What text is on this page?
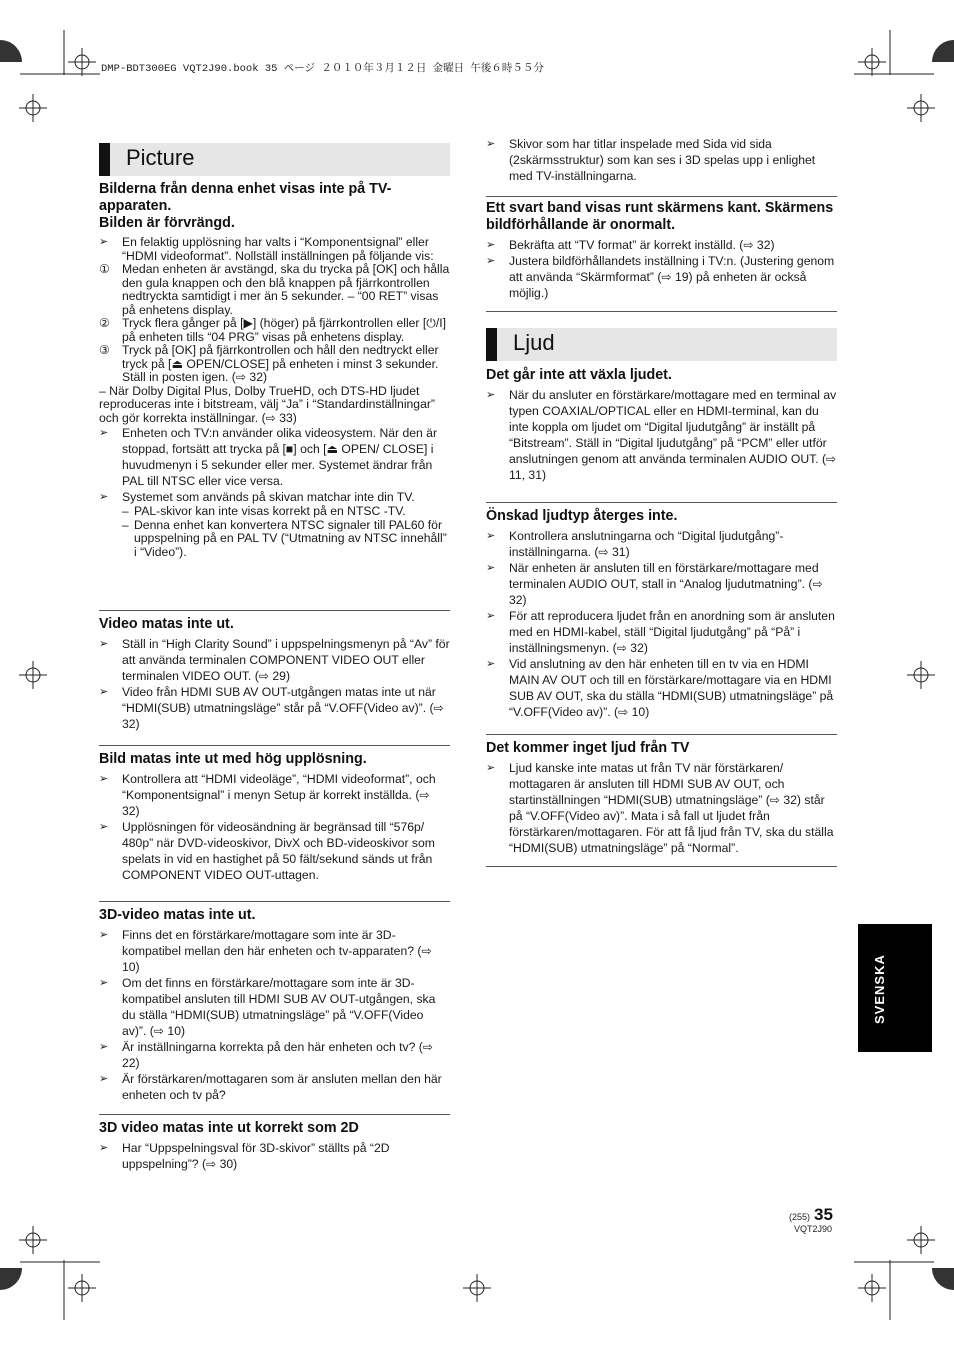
DMP-BDT300EG VQT2J90.book 35 ページ ２０１０年３月１２日 金曜日 午後６時５５分
Picture
Bilderna från denna enhet visas inte på TV-apparaten.
Bilden är förvrängd.
➢	En felaktig upplösning har valts i “Komponentsignal” eller “HDMI videoformat”. Nollställ inställningen på följande vis:
①	Medan enheten är avstängd, ska du trycka på [OK] och hålla den gula knappen och den blå knappen på fjärrkontrollen nedtryckta samtidigt i mer än 5 sekunder. – “00 RET” visas på enhetens display.
②	Tryck flera gånger på [▶] (höger) på fjärrkontrollen eller [⏻/I] på enheten tills “04 PRG” visas på enhetens display.
③	Tryck på [OK] på fjärrkontrollen och håll den nedtryckt eller tryck på [⏏ OPEN/CLOSE] på enheten i minst 3 sekunder. Ställ in posten igen. (⇨ 32)
– När Dolby Digital Plus, Dolby TrueHD, och DTS-HD ljudet reproduceras inte i bitstream, välj “Ja” i “Standardinställningar” och gör korrekta inställningar. (⇨ 33)
➢	Enheten och TV:n använder olika videosystem. När den är stoppad, fortsätt att trycka på [■] och [⏏ OPEN/ CLOSE] i huvudmenyn i 5 sekunder eller mer. Systemet ändrar från PAL till NTSC eller vice versa.
➢	Systemet som används på skivan matchar inte din TV.
– PAL-skivor kan inte visas korrekt på en NTSC -TV.
– Denna enhet kan konvertera NTSC signaler till PAL60 för uppspelning på en PAL TV (“Utmatning av NTSC innehåll” i “Video”).
Video matas inte ut.
➢	Ställ in “High Clarity Sound” i uppspelningsmenyn på “Av” för att använda terminalen COMPONENT VIDEO OUT eller terminalen VIDEO OUT. (⇨ 29)
➢	Video från HDMI SUB AV OUT-utgången matas inte ut när “HDMI(SUB) utmatningsläge” står på “V.OFF(Video av)”. (⇨ 32)
Bild matas inte ut med hög upplösning.
➢	Kontrollera att “HDMI videoläge”, “HDMI videoformat”, och “Komponentsignal” i menyn Setup är korrekt inställda. (⇨ 32)
➢	Upplösningen för videosändning är begränsad till “576p/ 480p” när DVD-videoskivor, DivX och BD-videoskivor som spelats in vid en hastighet på 50 fält/sekund sänds ut från COMPONENT VIDEO OUT-uttagen.
3D-video matas inte ut.
➢	Finns det en förstärkare/mottagare som inte är 3D-kompatibel mellan den här enheten och tv-apparaten? (⇨ 10)
➢	Om det finns en förstärkare/mottagare som inte är 3D-kompatibel ansluten till HDMI SUB AV OUT-utgången, ska du ställa “HDMI(SUB) utmatningsläge” på “V.OFF(Video av)”. (⇨ 10)
➢	Är inställningarna korrekta på den här enheten och tv? (⇨ 22)
➢	Är förstärkaren/mottagaren som är ansluten mellan den här enheten och tv på?
3D video matas inte ut korrekt som 2D
➢	Har “Uppspelningsval för 3D-skivor” ställts på “2D uppspelning”? (⇨ 30)
➢	Skivor som har titlar inspelade med Sida vid sida (2skärmsstruktur) som kan ses i 3D spelas upp i enlighet med TV-inställningarna.
Ett svart band visas runt skärmens kant. Skärmens bildförhållande är onormalt.
➢	Bekräfta att “TV format” är korrekt inställd. (⇨ 32)
➢	Justera bildförhållandets inställning i TV:n. (Justering genom att använda “Skärmformat” (⇨ 19) på enheten är också möjlig.)
Ljud
Det går inte att växla ljudet.
➢	När du ansluter en förstärkare/mottagare med en terminal av typen COAXIAL/OPTICAL eller en HDMI-terminal, kan du inte koppla om ljudet om “Digital ljudutgång” är inställt på “Bitstream”. Ställ in “Digital ljudutgång” på “PCM” eller utför anslutningen genom att använda terminalen AUDIO OUT. (⇨ 11, 31)
Önskad ljudtyp återges inte.
➢	Kontrollera anslutningarna och “Digital ljudutgång”-inställningarna. (⇨ 31)
➢	När enheten är ansluten till en förstärkare/mottagare med terminalen AUDIO OUT, stall in “Analog ljudutmatning”. (⇨ 32)
➢	För att reproducera ljudet från en anordning som är ansluten med en HDMI-kabel, ställ “Digital ljudutgång” på “På” i inställningsmenyn. (⇨ 32)
➢	Vid anslutning av den här enheten till en tv via en HDMI MAIN AV OUT och till en förstärkare/mottagare via en HDMI SUB AV OUT, ska du ställa “HDMI(SUB) utmatningsläge” på “V.OFF(Video av)”. (⇨ 10)
Det kommer inget ljud från TV
➢	Ljud kanske inte matas ut från TV när förstärkaren/ mottagaren är ansluten till HDMI SUB AV OUT, och startinställningen “HDMI(SUB) utmatningsläge” (⇨ 32) står på “V.OFF(Video av)”. Mata i så fall ut ljudet från förstärkaren/mottagaren. För att få ljud från TV, ska du ställa “HDMI(SUB) utmatningsläge” på “Normal”.
SVENSKA
(255) 35
VQT2J90
